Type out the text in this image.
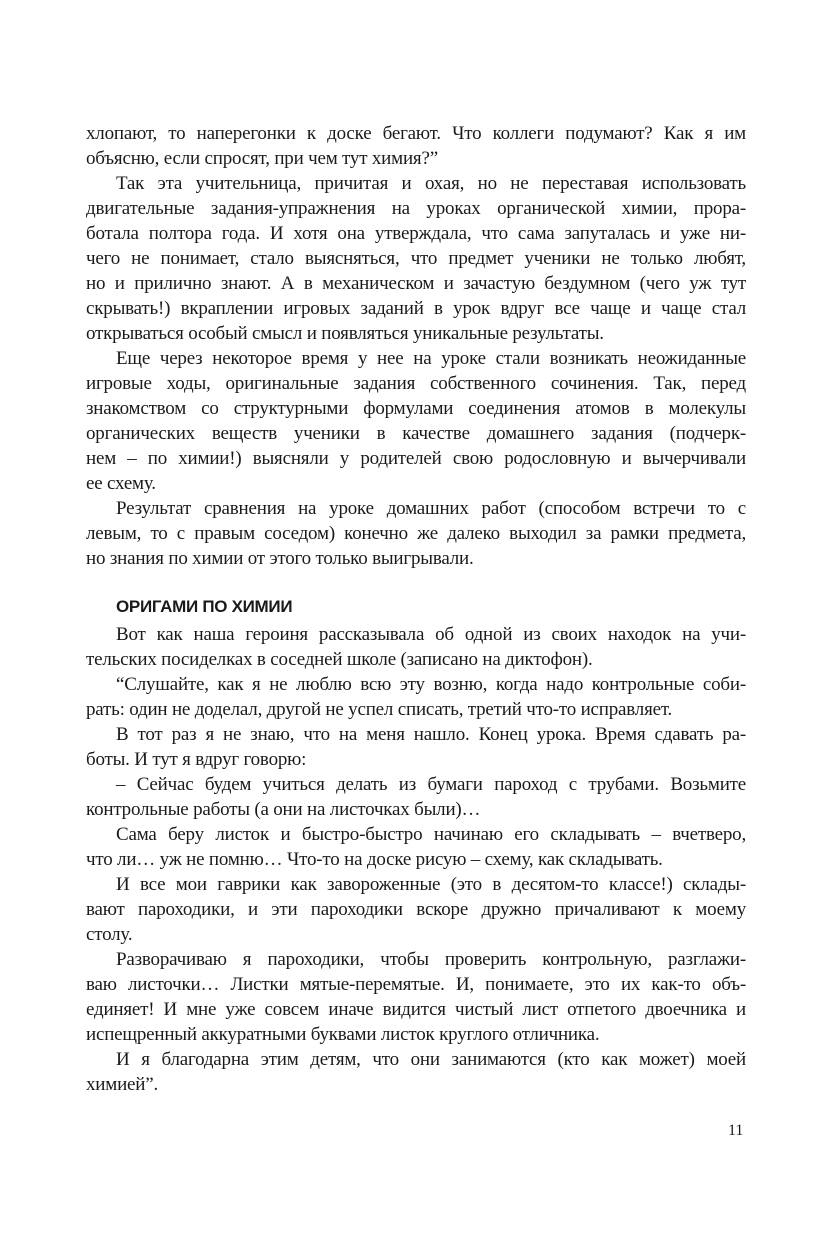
хлопают, то наперегонки к доске бегают. Что коллеги подумают? Как я им
объясню, если спросят, при чем тут химия?”
Так эта учительница, причитая и охая, но не переставая использовать
двигательные задания-упражнения на уроках органической химии, прора-
ботала полтора года. И хотя она утверждала, что сама запуталась и уже ни-
чего не понимает, стало выясняться, что предмет ученики не только любят,
но и прилично знают. А в механическом и зачастую бездумном (чего уж тут
скрывать!) вкраплении игровых заданий в урок вдруг все чаще и чаще стал
открываться особый смысл и появляться уникальные результаты.
Еще через некоторое время у нее на уроке стали возникать неожиданные
игровые ходы, оригинальные задания собственного сочинения. Так, перед
знакомством со структурными формулами соединения атомов в молекулы
органических веществ ученики в качестве домашнего задания (подчерк-
нем – по химии!) выясняли у родителей свою родословную и вычерчивали
ее схему.
Результат сравнения на уроке домашних работ (способом встречи то с
левым, то с правым соседом) конечно же далеко выходил за рамки предмета,
но знания по химии от этого только выигрывали.
ОРИГАМИ ПО ХИМИИ
Вот как наша героиня рассказывала об одной из своих находок на учи-
тельских посиделках в соседней школе (записано на диктофон).
“Слушайте, как я не люблю всю эту возню, когда надо контрольные соби-
рать: один не доделал, другой не успел списать, третий что-то исправляет.
В тот раз я не знаю, что на меня нашло. Конец урока. Время сдавать ра-
боты. И тут я вдруг говорю:
– Сейчас будем учиться делать из бумаги пароход с трубами. Возьмите
контрольные работы (а они на листочках были)…
Сама беру листок и быстро-быстро начинаю его складывать – вчетверо,
что ли… уж не помню… Что-то на доске рисую – схему, как складывать.
И все мои гаврики как завороженные (это в десятом-то классе!) склады-
вают пароходики, и эти пароходики вскоре дружно причаливают к моему
столу.
Разворачиваю я пароходики, чтобы проверить контрольную, разглажи-
ваю листочки… Листки мятые-перемятые. И, понимаете, это их как-то объ-
единяет! И мне уже совсем иначе видится чистый лист отпетого двоечника и
испещренный аккуратными буквами листок круглого отличника.
И я благодарна этим детям, что они занимаются (кто как может) моей
химией”.
11
